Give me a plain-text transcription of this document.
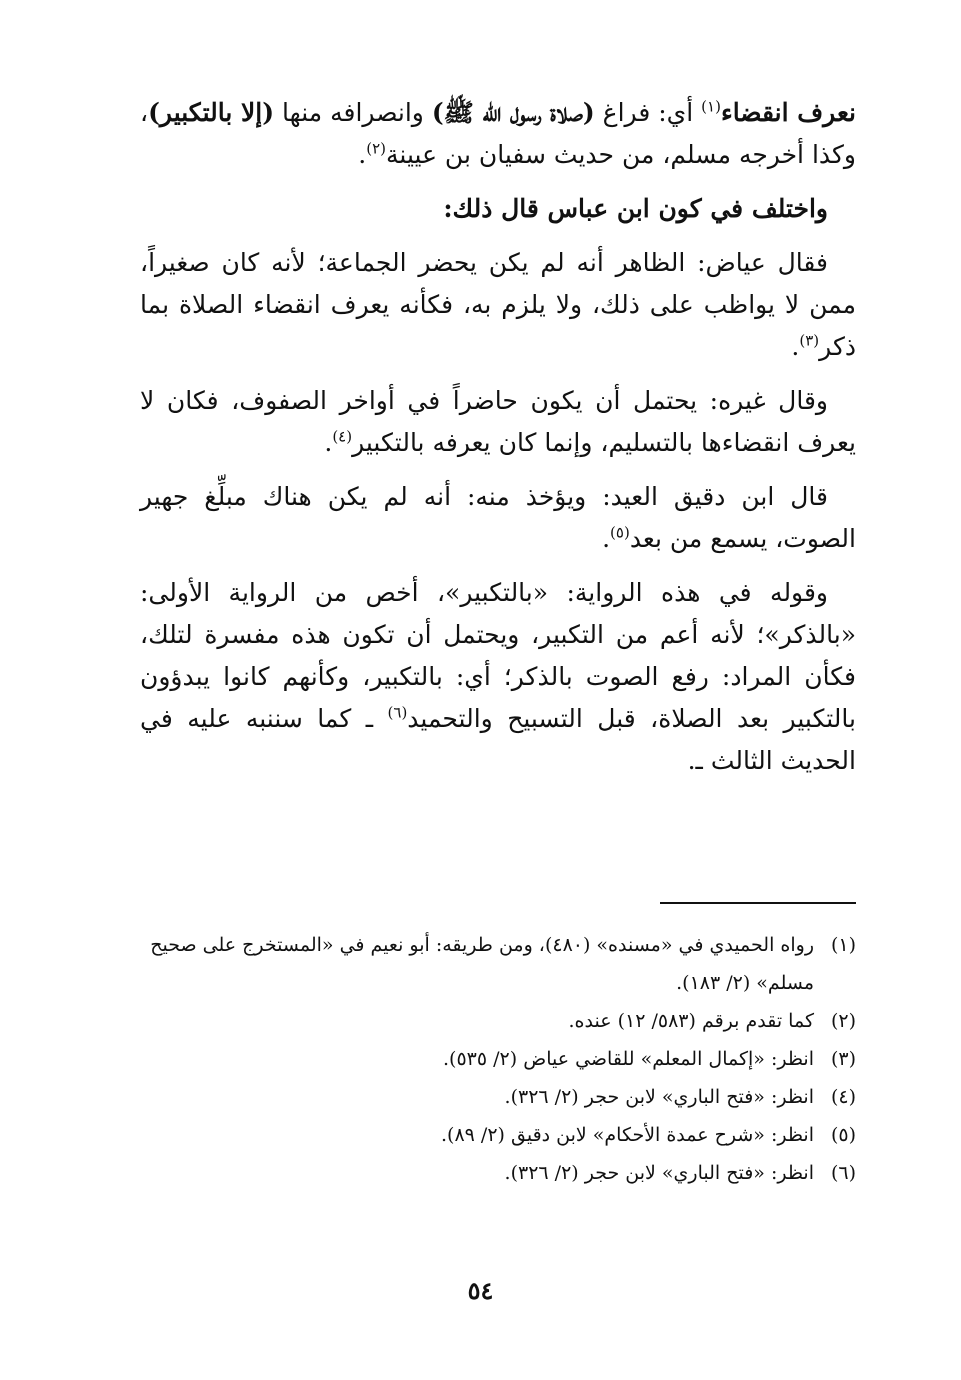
نعرف انقضاء$^{(١)}$ أي: فراغ (صلاة رسول الله ﷺ) وانصرافه منها (إلا بالتكبير)، وكذا أخرجه مسلم، من حديث سفيان بن عيينة$^{(٢)}$.

واختلف في كون ابن عباس قال ذلك:

فقال عياض: الظاهر أنه لم يكن يحضر الجماعة؛ لأنه كان صغيراً، ممن لا يواظب على ذلك، ولا يلزم به، فكأنه يعرف انقضاء الصلاة بما ذكر$^{(٣)}$.

وقال غيره: يحتمل أن يكون حاضراً في أواخر الصفوف، فكان لا يعرف انقضاءها بالتسليم، وإنما كان يعرفه بالتكبير$^{(٤)}$.

قال ابن دقيق العيد: ويؤخذ منه: أنه لم يكن هناك مبلِّغ جهير الصوت، يسمع من بعد$^{(٥)}$.

وقوله في هذه الرواية: «بالتكبير»، أخص من الرواية الأولى: «بالذكر»؛ لأنه أعم من التكبير، ويحتمل أن تكون هذه مفسرة لتلك، فكأن المراد: رفع الصوت بالذكر؛ أي: بالتكبير، وكأنهم كانوا يبدؤون بالتكبير بعد الصلاة، قبل التسبيح والتحميد$^{(٦)}$ ـ كما سننبه عليه في الحديث الثالث ـ.

(١)
رواه الحميدي في «مسنده» (٤٨٠)، ومن طريقه: أبو نعيم في «المستخرج على صحيح مسلم» (٢/ ١٨٣).
(٢)
كما تقدم برقم (٥٨٣/ ١٢) عنده.
(٣)
انظر: «إكمال المعلم» للقاضي عياض (٢/ ٥٣٥).
(٤)
انظر: «فتح الباري» لابن حجر (٢/ ٣٢٦).
(٥)
انظر: «شرح عمدة الأحكام» لابن دقيق (٢/ ٨٩).
(٦)
انظر: «فتح الباري» لابن حجر (٢/ ٣٢٦).
٥٤
